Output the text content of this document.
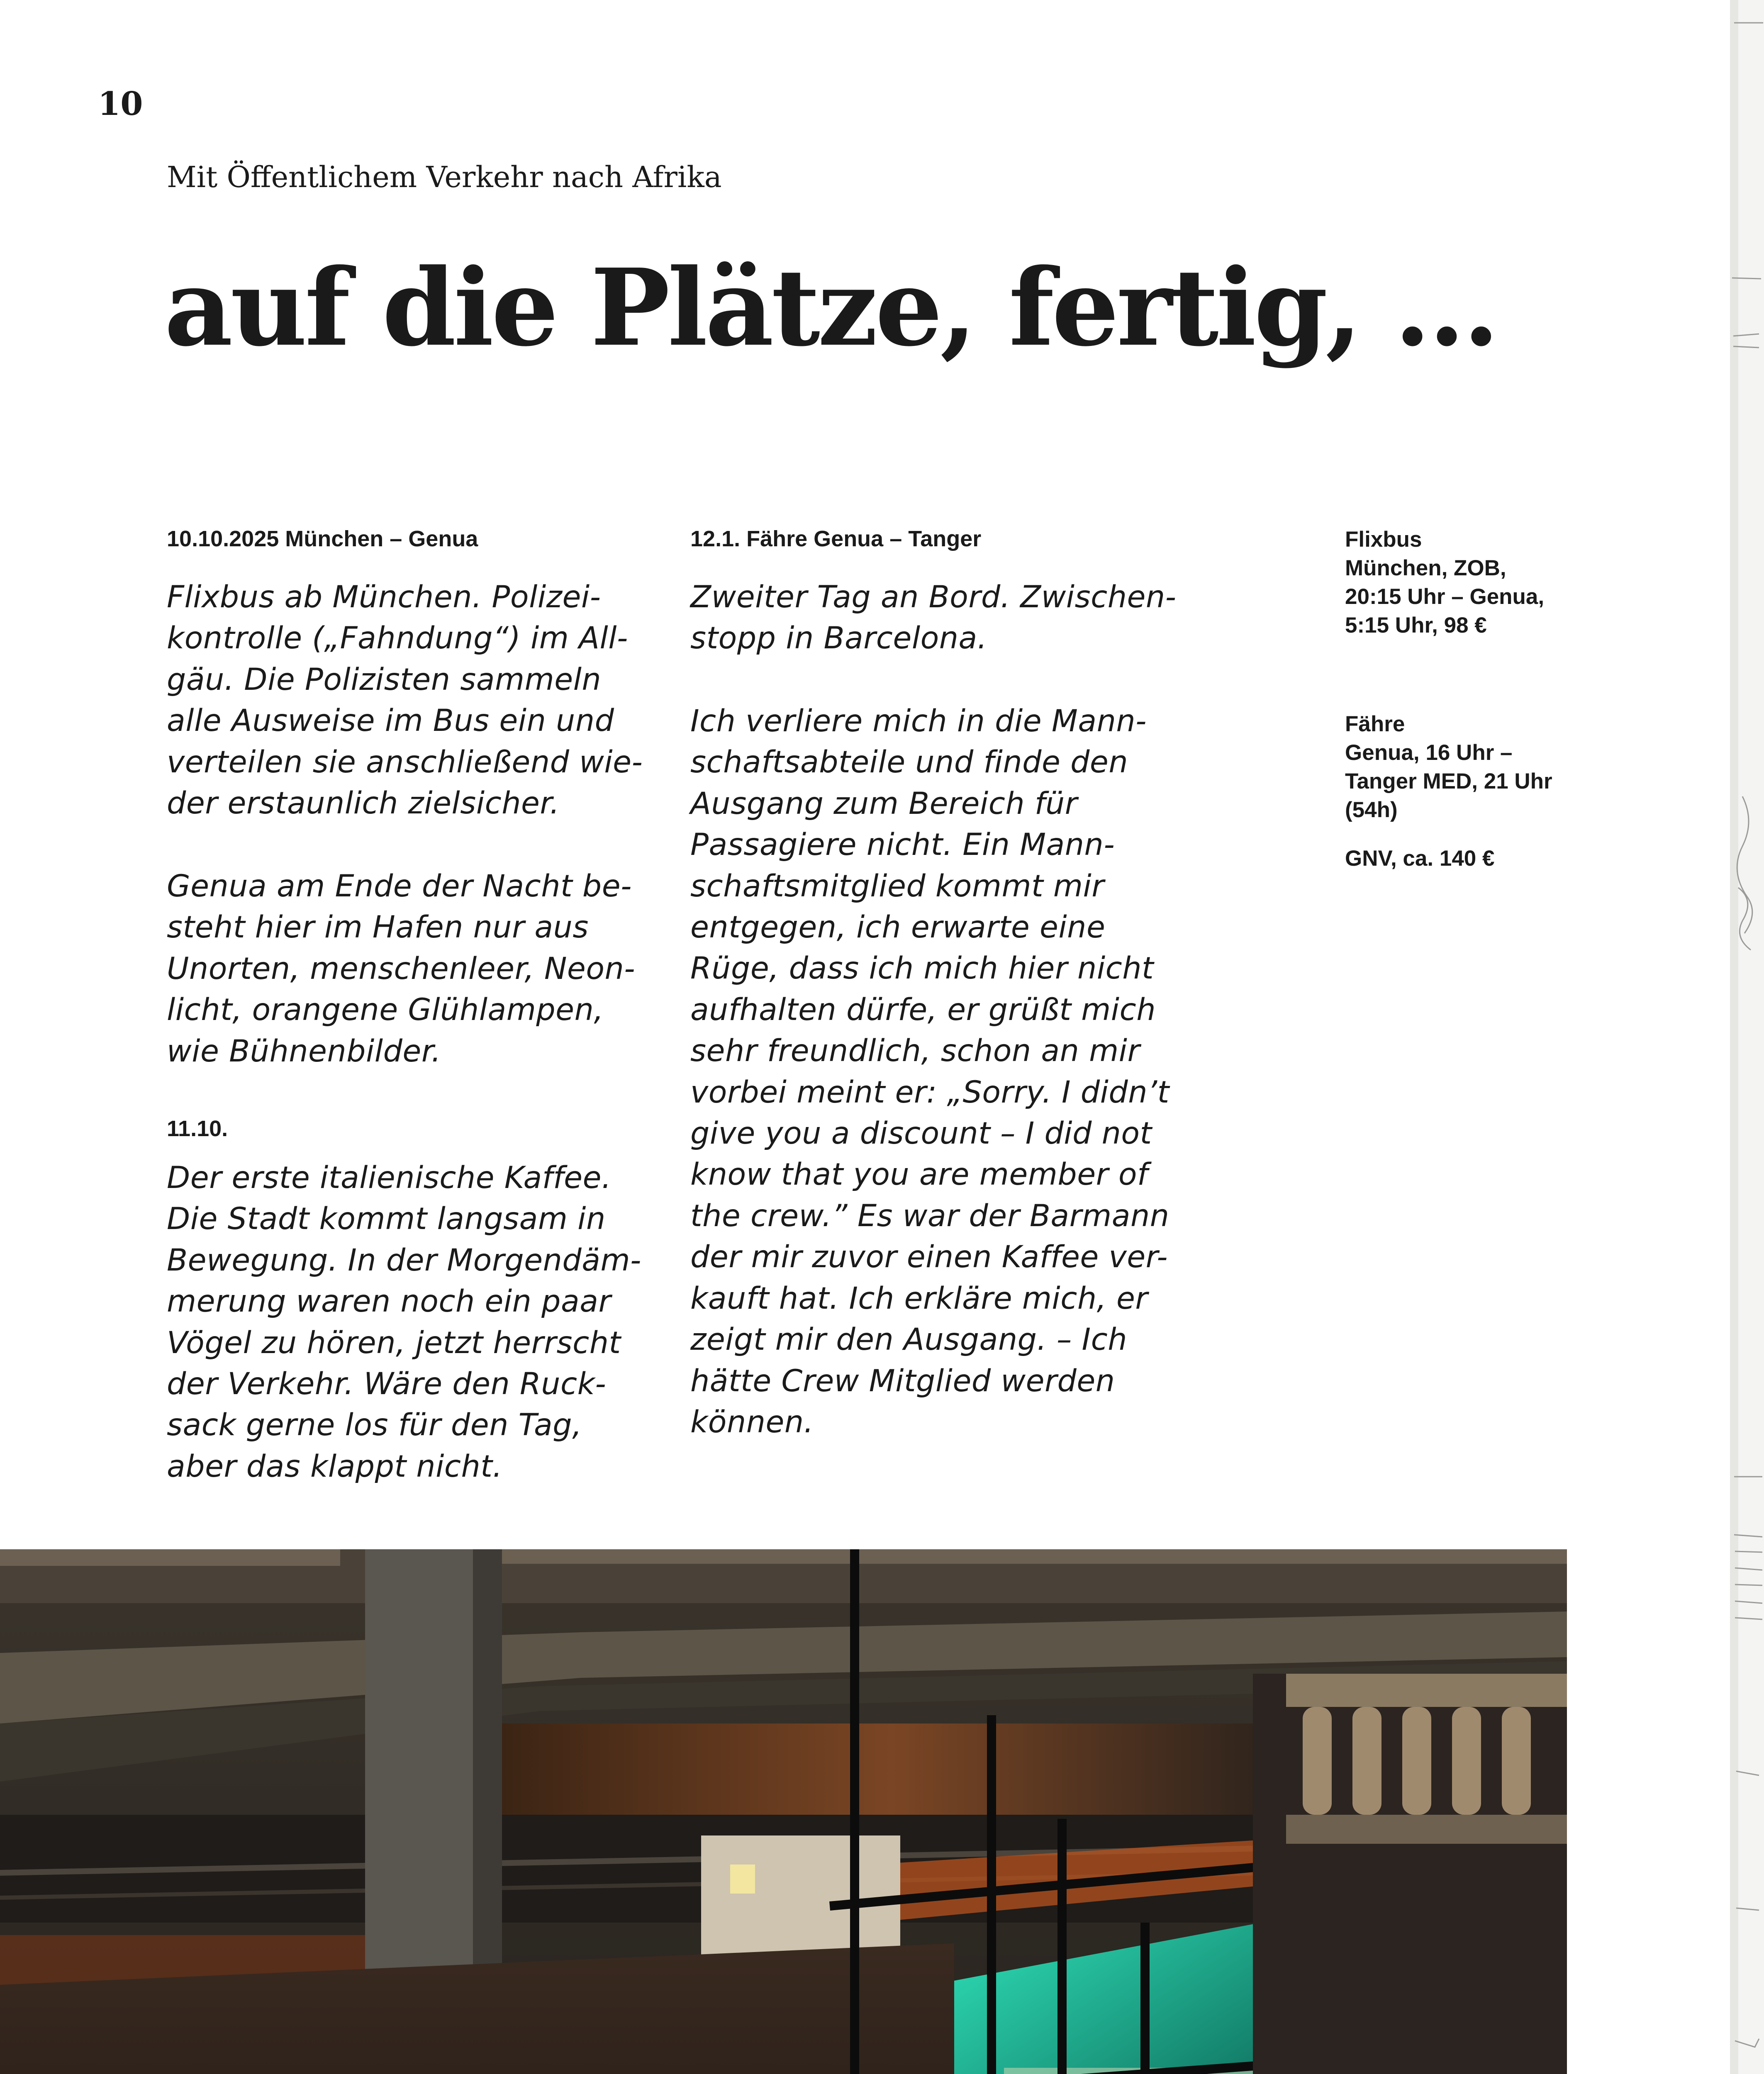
10
Mit Öffentlichem Verkehr nach Afrika
auf die Plätze, fertig, ...
10.10.2025 München – Genua

Flixbus ab München. Polizei-
kontrolle („Fahndung“) im All-
gäu. Die Polizisten sammeln
alle Ausweise im Bus ein und
verteilen sie anschließend wie-
der erstaunlich zielsicher.

Genua am Ende der Nacht be-
steht hier im Hafen nur aus
Unorten, menschenleer, Neon-
licht, orangene Glühlampen,
wie Bühnenbilder.

11.10.

Der erste italienische Kaffee.
Die Stadt kommt langsam in
Bewegung. In der Morgendäm-
merung waren noch ein paar
Vögel zu hören, jetzt herrscht
der Verkehr. Wäre den Ruck-
sack gerne los für den Tag,
aber das klappt nicht.

12.1. Fähre Genua – Tanger

Zweiter Tag an Bord. Zwischen-
stopp in Barcelona.

Ich verliere mich in die Mann-
schaftsabteile und finde den
Ausgang zum Bereich für
Passagiere nicht. Ein Mann-
schaftsmitglied kommt mir
entgegen, ich erwarte eine
Rüge, dass ich mich hier nicht
aufhalten dürfe, er grüßt mich
sehr freundlich, schon an mir
vorbei meint er: „Sorry. I didn’t
give you a discount – I did not
know that you are member of
the crew.” Es war der Barmann
der mir zuvor einen Kaffee ver-
kauft hat. Ich erkläre mich, er
zeigt mir den Ausgang. – Ich
hätte Crew Mitglied werden
können.

Flixbus
München, ZOB,
20:15 Uhr – Genua,
5:15 Uhr, 98 €

Fähre
Genua, 16 Uhr –
Tanger MED, 21 Uhr
(54h)

GNV, ca. 140 €
